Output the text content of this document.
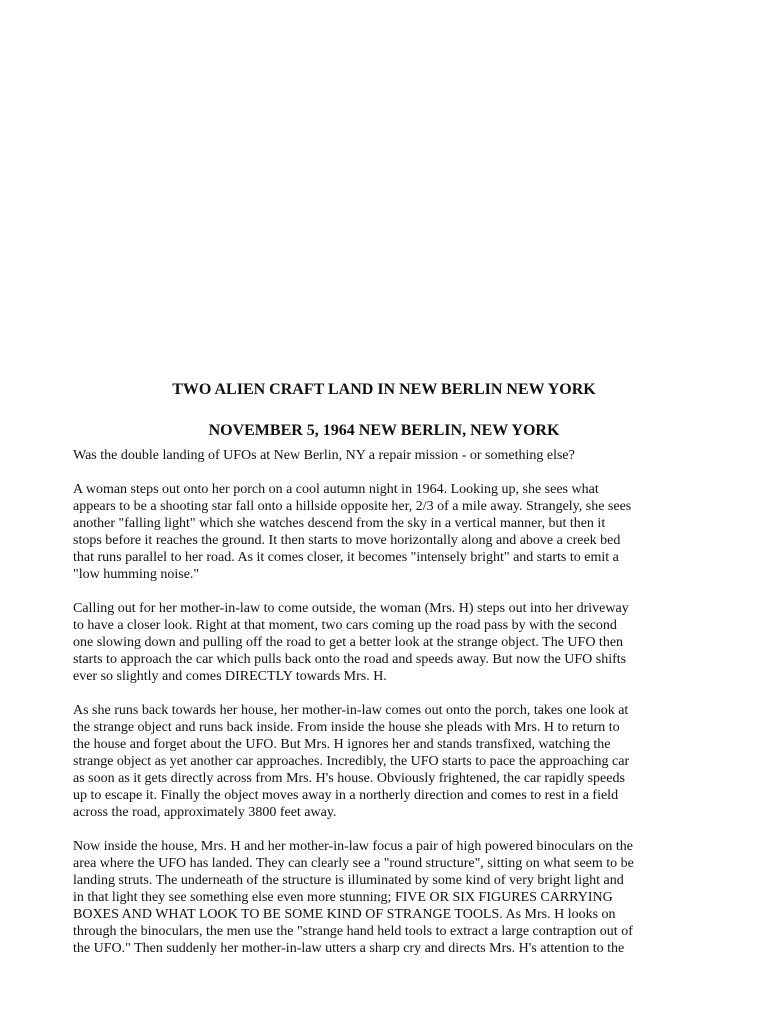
TWO ALIEN CRAFT LAND IN NEW BERLIN NEW YORK
NOVEMBER 5, 1964 NEW BERLIN, NEW YORK

Was the double landing of UFOs at New Berlin, NY a repair mission - or something else?

A woman steps out onto her porch on a cool autumn night in 1964. Looking up, she sees what
appears to be a shooting star fall onto a hillside opposite her, 2/3 of a mile away. Strangely, she sees
another "falling light" which she watches descend from the sky in a vertical manner, but then it
stops before it reaches the ground. It then starts to move horizontally along and above a creek bed
that runs parallel to her road. As it comes closer, it becomes "intensely bright" and starts to emit a
"low humming noise."

Calling out for her mother-in-law to come outside, the woman (Mrs. H) steps out into her driveway
to have a closer look. Right at that moment, two cars coming up the road pass by with the second
one slowing down and pulling off the road to get a better look at the strange object. The UFO then
starts to approach the car which pulls back onto the road and speeds away. But now the UFO shifts
ever so slightly and comes DIRECTLY towards Mrs. H.

As she runs back towards her house, her mother-in-law comes out onto the porch, takes one look at
the strange object and runs back inside. From inside the house she pleads with Mrs. H to return to
the house and forget about the UFO. But Mrs. H ignores her and stands transfixed, watching the
strange object as yet another car approaches. Incredibly, the UFO starts to pace the approaching car
as soon as it gets directly across from Mrs. H's house. Obviously frightened, the car rapidly speeds
up to escape it. Finally the object moves away in a northerly direction and comes to rest in a field
across the road, approximately 3800 feet away.

Now inside the house, Mrs. H and her mother-in-law focus a pair of high powered binoculars on the
area where the UFO has landed. They can clearly see a "round structure", sitting on what seem to be
landing struts. The underneath of the structure is illuminated by some kind of very bright light and
in that light they see something else even more stunning; FIVE OR SIX FIGURES CARRYING
BOXES AND WHAT LOOK TO BE SOME KIND OF STRANGE TOOLS. As Mrs. H looks on
through the binoculars, the men use the "strange hand held tools to extract a large contraption out of
the UFO." Then suddenly her mother-in-law utters a sharp cry and directs Mrs. H's attention to the
